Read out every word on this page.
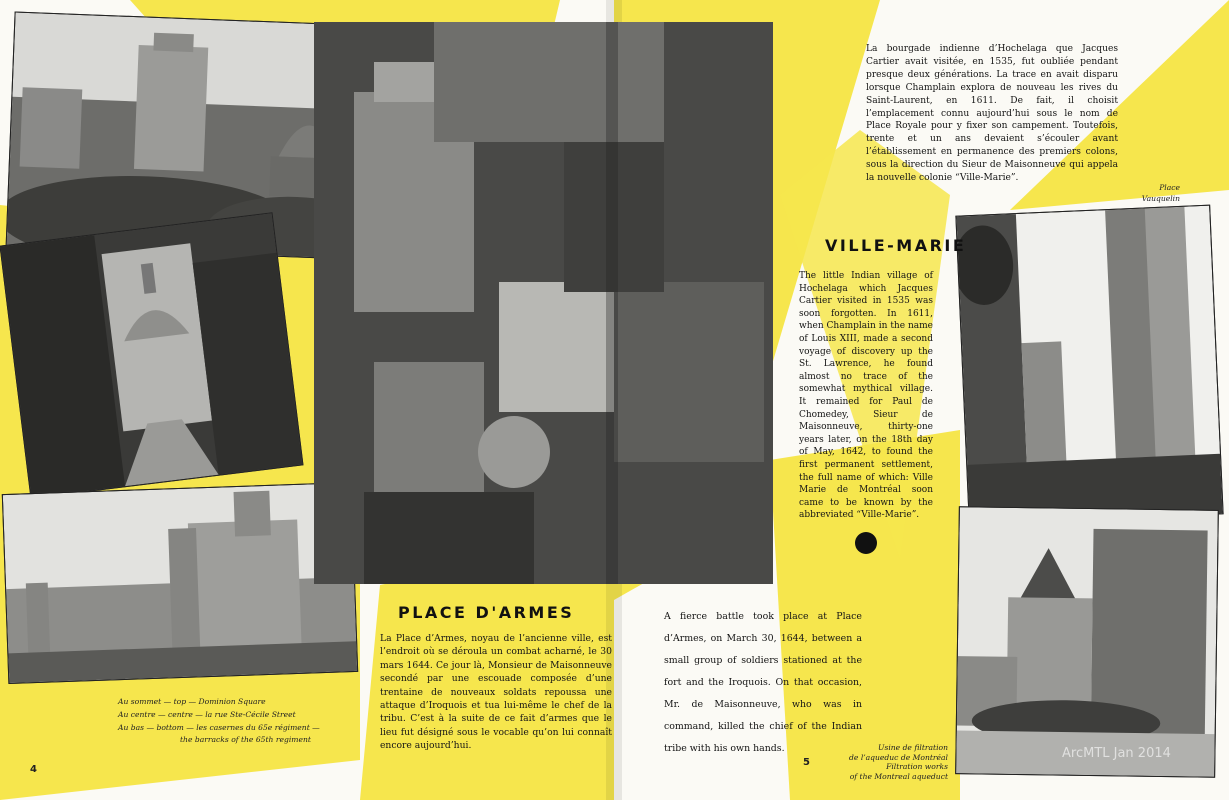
PLACE D'ARMES
La Place d’Armes, noyau de l’ancienne ville, est l’endroit où se déroula un combat acharné, le 30 mars 1644. Ce jour là, Monsieur de Maisonneuve secondé par une escouade composée d’une trentaine de nouveaux soldats repoussa une attaque d’Iroquois et tua lui-même le chef de la tribu. C’est à la suite de ce fait d’armes que le lieu fut désigné sous le vocable qu’on lui connaît encore aujourd’hui.
Au sommet — top — Dominion Square
Au centre — centre — la rue Ste-Cécile Street
Au bas — bottom — les casernes du 65e régiment —
the barracks of the 65th regiment
4
La bourgade indienne d’Hochelaga que Jacques Cartier avait visitée, en 1535, fut oubliée pendant presque deux générations. La trace en avait disparu lorsque Champlain explora de nouveau les rives du Saint-Laurent, en 1611. De fait, il choisit l’emplacement connu aujourd’hui sous le nom de Place Royale pour y fixer son campement. Toutefois, trente et un ans devaient s’écouler avant l’établissement en permanence des premiers colons, sous la direction du Sieur de Maisonneuve qui appela la nouvelle colonie “Ville-Marie”.
VILLE-MARIE
The little Indian village of Hochelaga which Jacques Cartier visited in 1535 was soon forgotten. In 1611, when Champlain in the name of Louis XIII, made a second voyage of discovery up the St. Lawrence, he found almost no trace of the somewhat mythical village. It remained for Paul de Chomedey, Sieur de Maisonneuve, thirty-one years later, on the 18th day of May, 1642, to found the first permanent settlement, the full name of which: Ville Marie de Montréal soon came to be known by the abbreviated “Ville-Marie”.
A fierce battle took place at Place d’Armes, on March 30, 1644, between a small group of soldiers stationed at the fort and the Iroquois. On that occasion, Mr. de Maisonneuve, who was in command, killed the chief of the Indian tribe with his own hands.
Place
Vauquelin
Usine de filtration
de l’aqueduc de Montréal
Filtration works
of the Montreal aqueduct
5
ArcMTL Jan 2014
